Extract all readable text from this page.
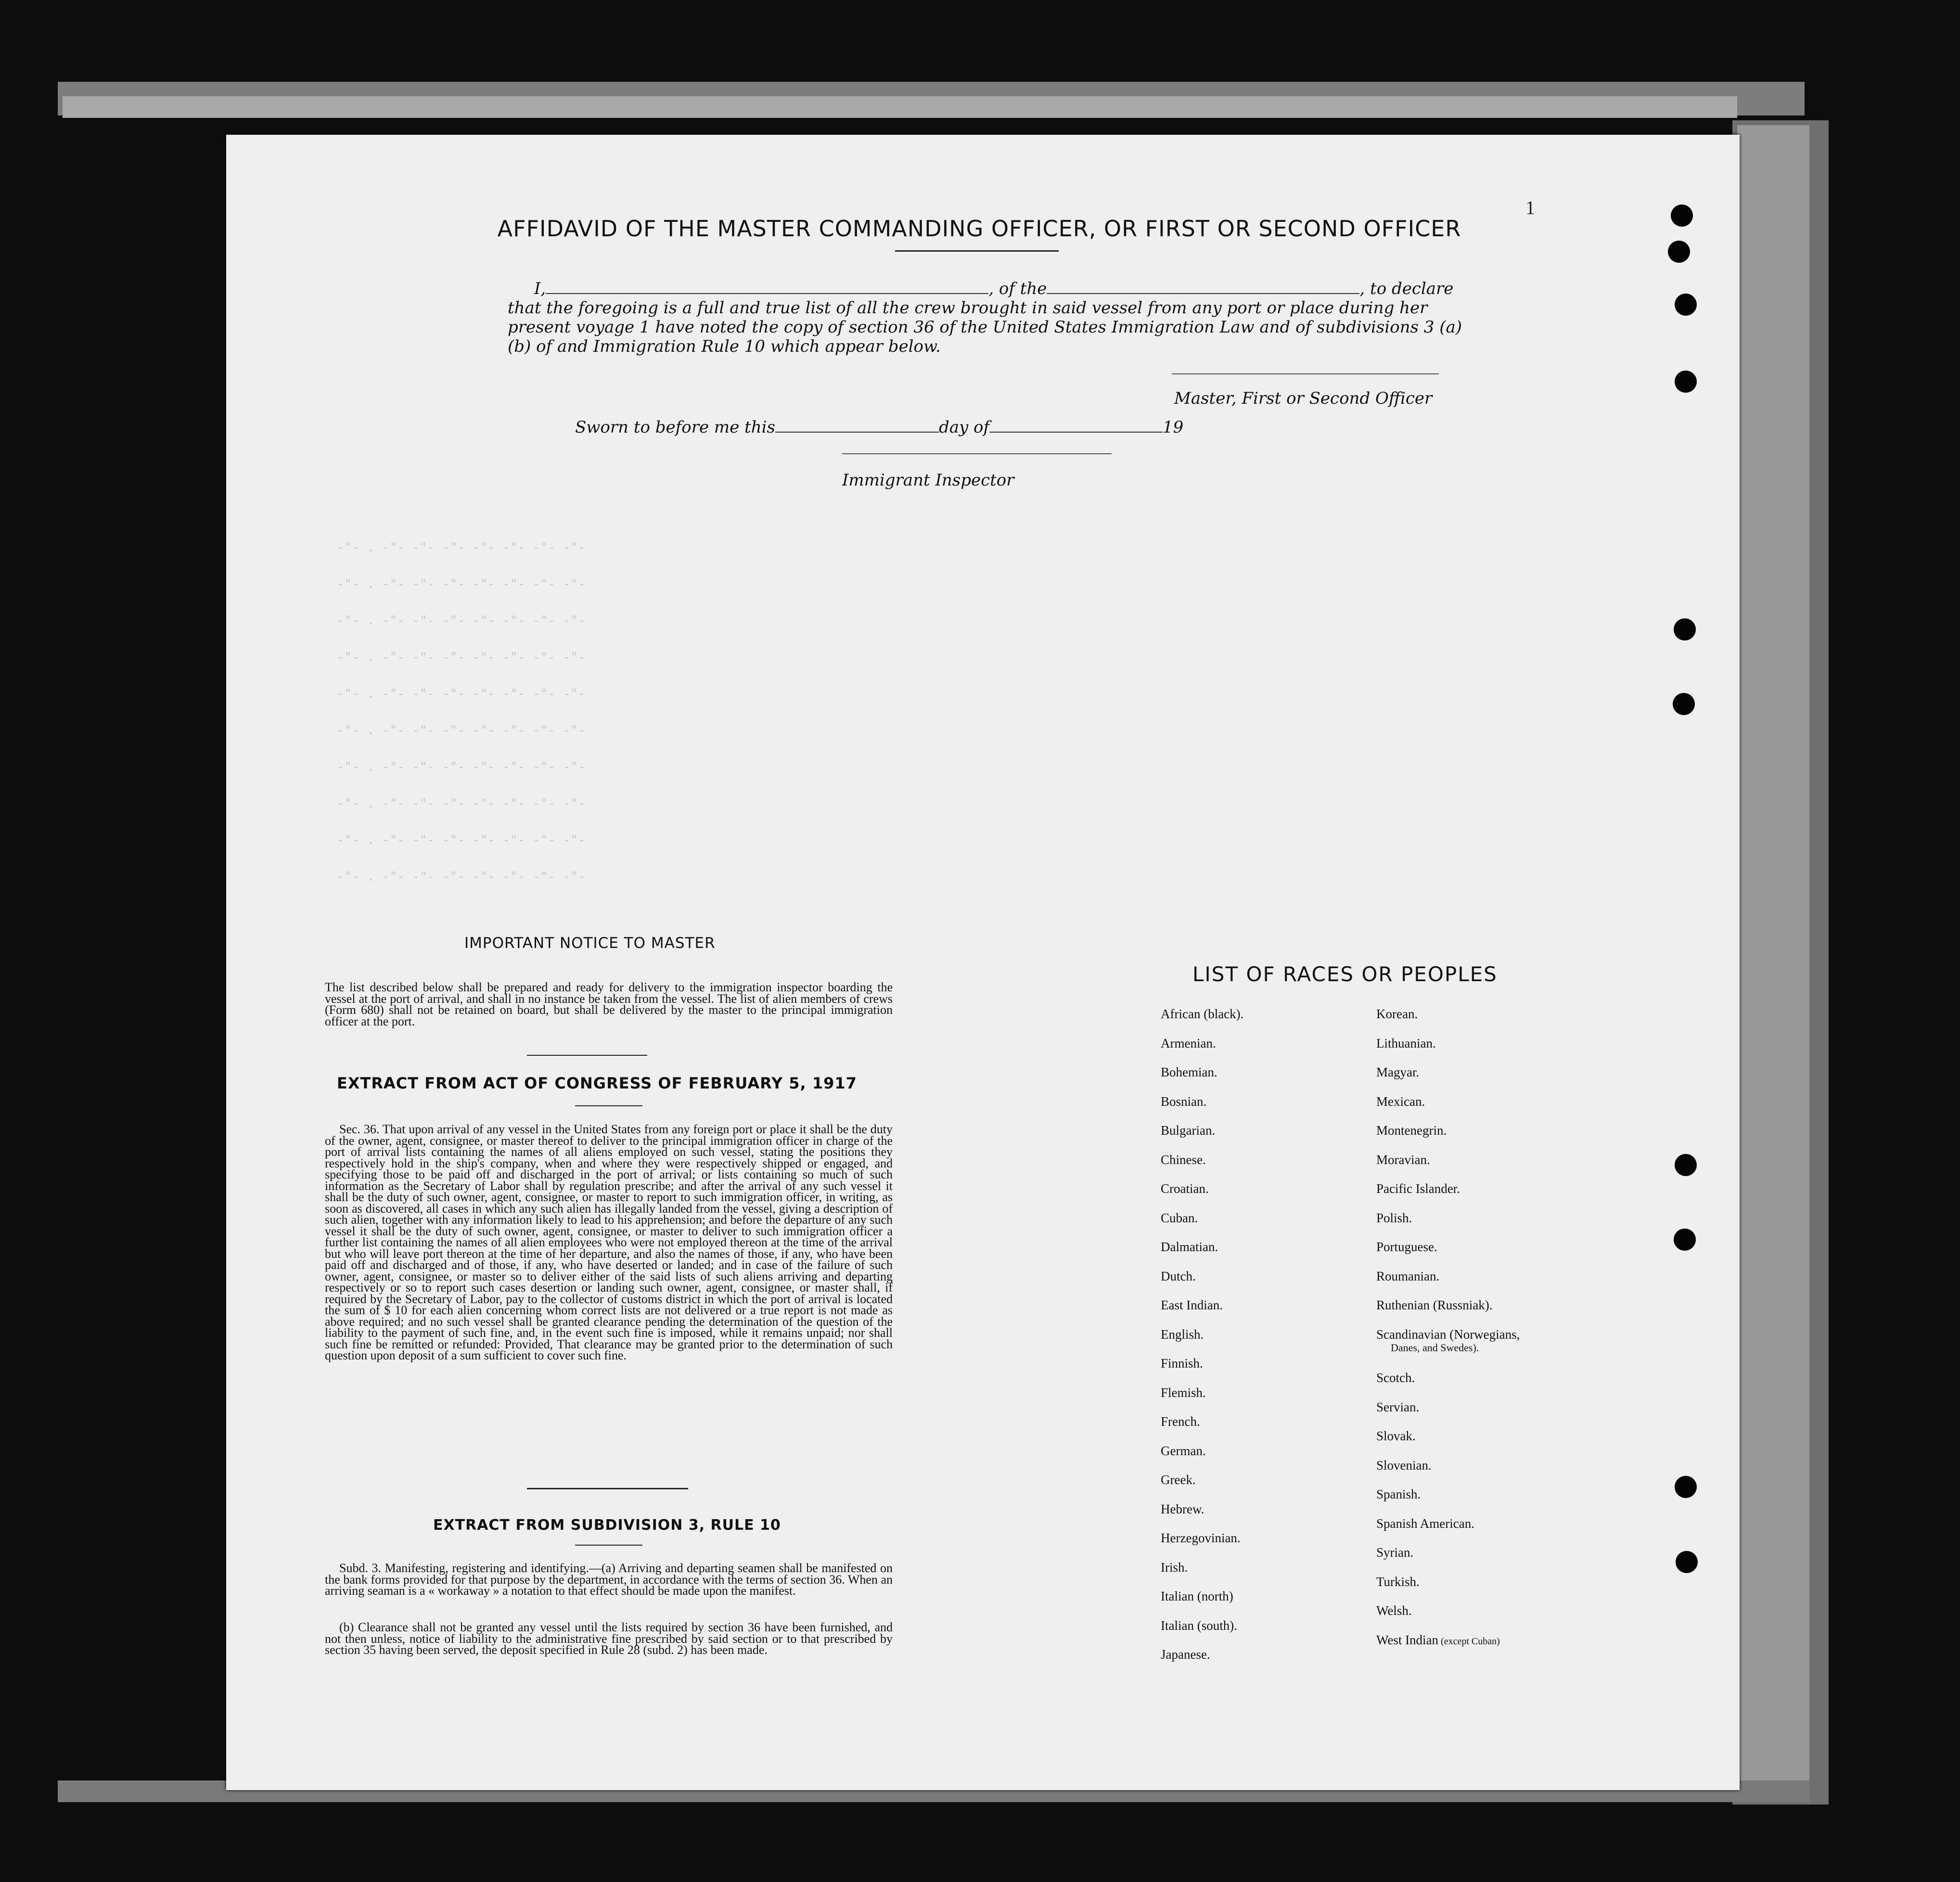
-"- . -"- -"- -"- -"- -"- -"- -"-
-"- . -"- -"- -"- -"- -"- -"- -"-
-"- . -"- -"- -"- -"- -"- -"- -"-
-"- . -"- -"- -"- -"- -"- -"- -"-
-"- . -"- -"- -"- -"- -"- -"- -"-
-"- . -"- -"- -"- -"- -"- -"- -"-
-"- . -"- -"- -"- -"- -"- -"- -"-
-"- . -"- -"- -"- -"- -"- -"- -"-
-"- . -"- -"- -"- -"- -"- -"- -"-
-"- . -"- -"- -"- -"- -"- -"- -"-
1
AFFIDAVID OF THE MASTER COMMANDING OFFICER, OR FIRST OR SECOND OFFICER
I,	, of the	, to declare
that the foregoing is a full and true list of all the crew brought in said vessel from any port or place during her
present voyage 1 have noted the copy of section 36 of the United States Immigration Law and of subdivisions 3 (a)
(b) of and Immigration Rule 10 which appear below.
Master, First or Second Officer
Sworn to before me this	day of	19
Immigrant Inspector
IMPORTANT NOTICE TO MASTER
The list described below shall be prepared and ready for delivery to the immigration inspector boarding the vessel at the port of arrival, and shall in no instance be taken from the vessel. The list of alien members of crews (Form 680) shall not be retained on board, but shall be delivered by the master to the principal immigration officer at the port.
EXTRACT FROM ACT OF CONGRESS OF FEBRUARY 5, 1917
Sec. 36. That upon arrival of any vessel in the United States from any foreign port or place it shall be the duty of the owner, agent, consignee, or master thereof to deliver to the principal immigration officer in charge of the port of arrival lists containing the names of all aliens employed on such vessel, stating the positions they respectively hold in the ship's company, when and where they were respectively shipped or engaged, and specifying those to be paid off and discharged in the port of arrival; or lists containing so much of such information as the Secretary of Labor shall by regulation prescribe; and after the arrival of any such vessel it shall be the duty of such owner, agent, consignee, or master to report to such immigration officer, in writing, as soon as discovered, all cases in which any such alien has illegally landed from the vessel, giving a description of such alien, together with any information likely to lead to his apprehension; and before the departure of any such vessel it shall be the duty of such owner, agent, consignee, or master to deliver to such immigration officer a further list containing the names of all alien employees who were not employed thereon at the time of the arrival but who will leave port thereon at the time of her departure, and also the names of those, if any, who have been paid off and discharged and of those, if any, who have deserted or landed; and in case of the failure of such owner, agent, consignee, or master so to deliver either of the said lists of such aliens arriving and departing respectively or so to report such cases desertion or landing such owner, agent, consignee, or master shall, if required by the Secretary of Labor, pay to the collector of customs district in which the port of arrival is located the sum of $ 10 for each alien concerning whom correct lists are not delivered or a true report is not made as above required; and no such vessel shall be granted clearance pending the determination of the question of the liability to the payment of such fine, and, in the event such fine is imposed, while it remains unpaid; nor shall such fine be remitted or refunded: Provided, That clearance may be granted prior to the determination of such question upon deposit of a sum sufficient to cover such fine.
EXTRACT FROM SUBDIVISION 3, RULE 10
Subd. 3. Manifesting, registering and identifying.—(a) Arriving and departing seamen shall be manifested on the bank forms provided for that purpose by the department, in accordance with the terms of section 36. When an arriving seaman is a « workaway » a notation to that effect should be made upon the manifest.
(b) Clearance shall not be granted any vessel until the lists required by section 36 have been furnished, and not then unless, notice of liability to the administrative fine prescribed by said section or to that prescribed by section 35 having been served, the deposit specified in Rule 28 (subd. 2) has been made.
LIST OF RACES OR PEOPLES
African (black).
Armenian.
Bohemian.
Bosnian.
Bulgarian.
Chinese.
Croatian.
Cuban.
Dalmatian.
Dutch.
East Indian.
English.
Finnish.
Flemish.
French.
German.
Greek.
Hebrew.
Herzegovinian.
Irish.
Italian (north)
Italian (south).
Japanese.
Korean.
Lithuanian.
Magyar.
Mexican.
Montenegrin.
Moravian.
Pacific Islander.
Polish.
Portuguese.
Roumanian.
Ruthenian (Russniak).
Scandinavian (Norwegians,
Danes, and Swedes).
Scotch.
Servian.
Slovak.
Slovenian.
Spanish.
Spanish American.
Syrian.
Turkish.
Welsh.
West Indian (except Cuban)
